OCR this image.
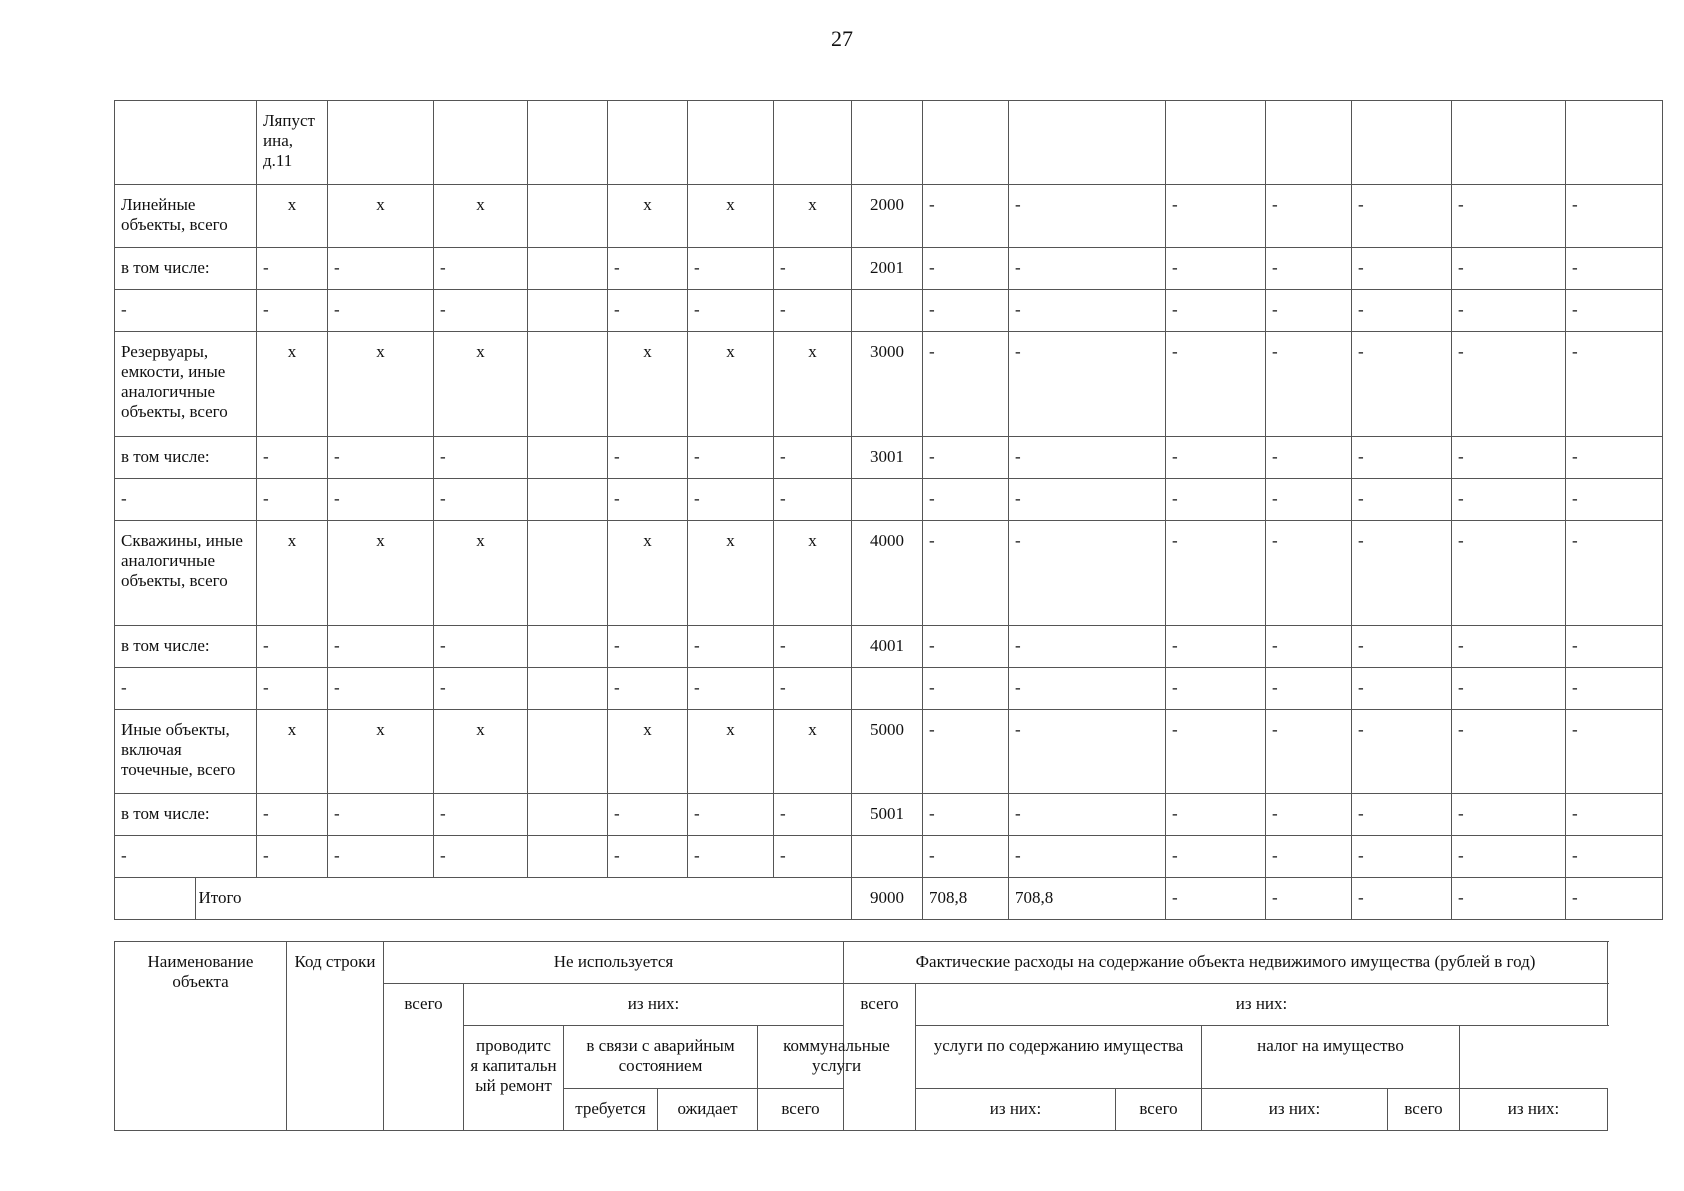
27
	Ляпуст ина, д.11														
Линейные объекты, всего	x	x	x		x	x	x	2000	-	-	-	-	-	-	-
в том числе:	-	-	-		-	-	-	2001	-	-	-	-	-	-	-
-	-	-	-		-	-	-		-	-	-	-	-	-	-
Резервуары, емкости, иные аналогичные объекты, всего	x	x	x		x	x	x	3000	-	-	-	-	-	-	-
в том числе:	-	-	-		-	-	-	3001	-	-	-	-	-	-	-
-	-	-	-		-	-	-		-	-	-	-	-	-	-
Скважины, иные аналогичные объекты, всего	x	x	x		x	x	x	4000	-	-	-	-	-	-	-
в том числе:	-	-	-		-	-	-	4001	-	-	-	-	-	-	-
-	-	-	-		-	-	-		-	-	-	-	-	-	-
Иные объекты, включая точечные, всего	x	x	x		x	x	x	5000	-	-	-	-	-	-	-
в том числе:	-	-	-		-	-	-	5001	-	-	-	-	-	-	-
-	-	-	-		-	-	-		-	-	-	-	-	-	-

	Итого							9000	708,8	708,8	-	-	-	-	-
Наименование объекта	Код строки	Не используется					Фактические расходы на содержание объекта недвижимого имущества (рублей в год)					
		всего	из них:				всего	из них:				
			проводитс я капитальн ый ремонт	в связи с аварийным состоянием		коммунальные услуги		услуги по содержанию имущества		налог на имущество		
				требуется	ожидает	всего		из них:	всего	из них:	всего	из них:
